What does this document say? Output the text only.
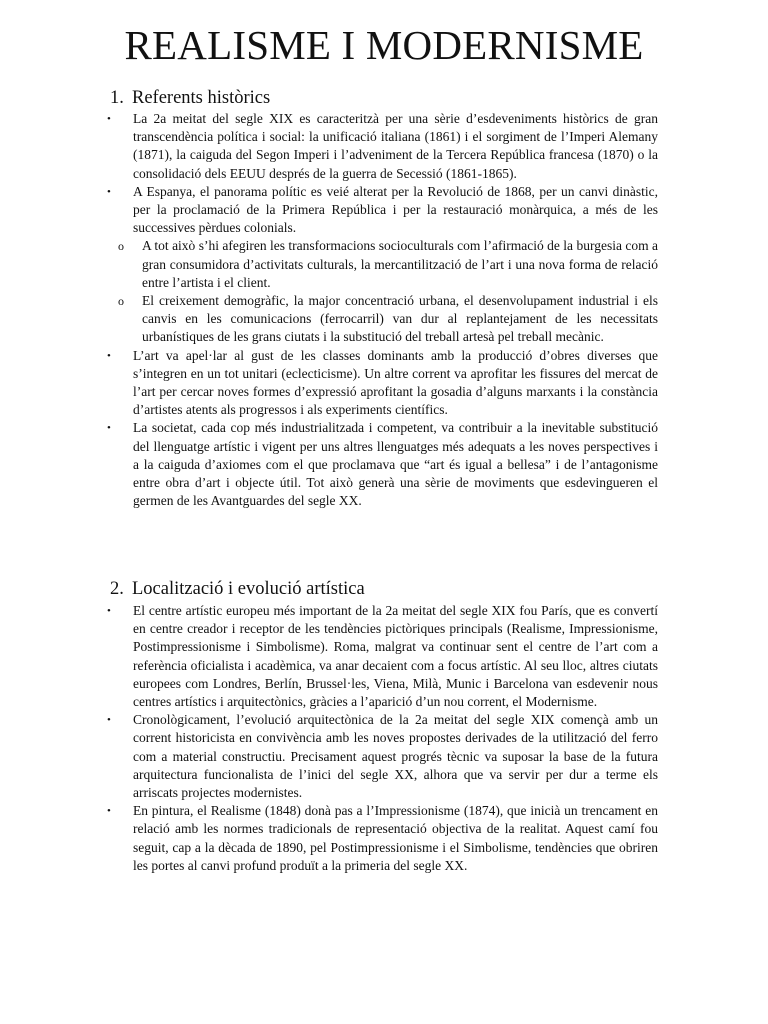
REALISME I MODERNISME
1. Referents històrics
• La 2a meitat del segle XIX es caracteritzà per una sèrie d’esdeveniments històrics de gran transcendència política i social: la unificació italiana (1861) i el sorgiment de l’Imperi Alemany (1871), la caiguda del Segon Imperi i l’adveniment de la Tercera República francesa (1870) o la consolidació dels EEUU després de la guerra de Secessió (1861-1865).
• A Espanya, el panorama polític es veié alterat per la Revolució de 1868, per un canvi dinàstic, per la proclamació de la Primera República i per la restauració monàrquica, a més de les successives pèrdues colonials.
o A tot això s’hi afegiren les transformacions socioculturals com l’afirmació de la burgesia com a gran consumidora d’activitats culturals, la mercantilització de l’art i una nova forma de relació entre l’artista i el client.
o El creixement demogràfic, la major concentració urbana, el desenvolupament industrial i els canvis en les comunicacions (ferrocarril) van dur al replantejament de les necessitats urbanístiques de les grans ciutats i la substitució del treball artesà pel treball mecànic.
• L’art va apel·lar al gust de les classes dominants amb la producció d’obres diverses que s’integren en un tot unitari (eclecticisme). Un altre corrent va aprofitar les fissures del mercat de l’art per cercar noves formes d’expressió aprofitant la gosadia d’alguns marxants i la constància d’artistes atents als progressos i als experiments científics.
• La societat, cada cop més industrialitzada i competent, va contribuir a la inevitable substitució del llenguatge artístic i vigent per uns altres llenguatges més adequats a les noves perspectives i a la caiguda d’axiomes com el que proclamava que “art és igual a bellesa” i de l’antagonisme entre obra d’art i objecte útil. Tot això generà una sèrie de moviments que esdevingueren el germen de les Avantguardes del segle XX.
2. Localització i evolució artística
• El centre artístic europeu més important de la 2a meitat del segle XIX fou París, que es convertí en centre creador i receptor de les tendències pictòriques principals (Realisme, Impressionisme, Postimpressionisme i Simbolisme). Roma, malgrat va continuar sent el centre de l’art com a referència oficialista i acadèmica, va anar decaient com a focus artístic. Al seu lloc, altres ciutats europees com Londres, Berlín, Brussel·les, Viena, Milà, Munic i Barcelona van esdevenir nous centres artístics i arquitectònics, gràcies a l’aparició d’un nou corrent, el Modernisme.
• Cronològicament, l’evolució arquitectònica de la 2a meitat del segle XIX començà amb un corrent historicista en convivència amb les noves propostes derivades de la utilització del ferro com a material constructiu. Precisament aquest progrés tècnic va suposar la base de la futura arquitectura funcionalista de l’inici del segle XX, alhora que va servir per dur a terme els arriscats projectes modernistes.
• En pintura, el Realisme (1848) donà pas a l’Impressionisme (1874), que inicià un trencament en relació amb les normes tradicionals de representació objectiva de la realitat. Aquest camí fou seguit, cap a la dècada de 1890, pel Postimpressionisme i el Simbolisme, tendències que obriren les portes al canvi profund produït a la primeria del segle XX.
